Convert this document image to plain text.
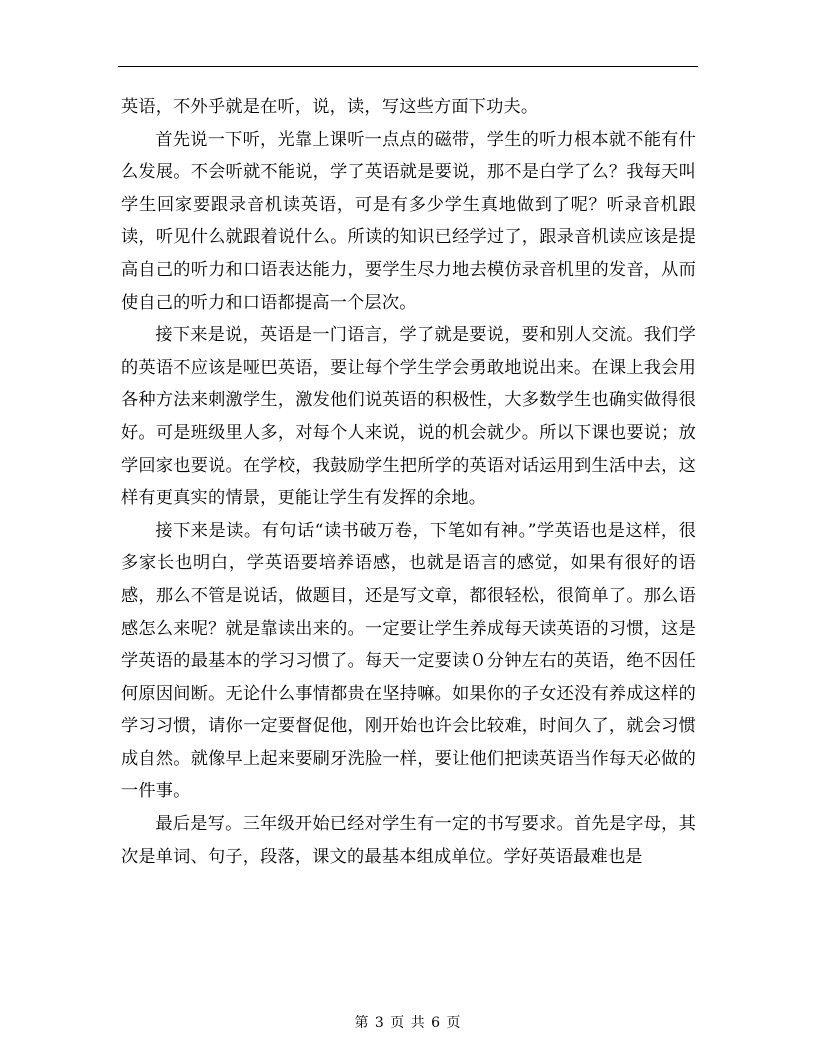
英语，不外乎就是在听，说，读，写这些方面下功夫。

首先说一下听，光靠上课听一点点的磁带，学生的听力根本就不能有什么发展。不会听就不能说，学了英语就是要说，那不是白学了么？我每天叫学生回家要跟录音机读英语，可是有多少学生真地做到了呢？听录音机跟读，听见什么就跟着说什么。所读的知识已经学过了，跟录音机读应该是提高自己的听力和口语表达能力，要学生尽力地去模仿录音机里的发音，从而使自己的听力和口语都提高一个层次。

接下来是说，英语是一门语言，学了就是要说，要和别人交流。我们学的英语不应该是哑巴英语，要让每个学生学会勇敢地说出来。在课上我会用各种方法来刺激学生，激发他们说英语的积极性，大多数学生也确实做得很好。可是班级里人多，对每个人来说，说的机会就少。所以下课也要说；放学回家也要说。在学校，我鼓励学生把所学的英语对话运用到生活中去，这样有更真实的情景，更能让学生有发挥的余地。

接下来是读。有句话“读书破万卷，下笔如有神。”学英语也是这样，很多家长也明白，学英语要培养语感，也就是语言的感觉，如果有很好的语感，那么不管是说话，做题目，还是写文章，都很轻松，很简单了。那么语感怎么来呢？就是靠读出来的。一定要让学生养成每天读英语的习惯，这是学英语的最基本的学习习惯了。每天一定要读０分钟左右的英语，绝不因任何原因间断。无论什么事情都贵在坚持嘛。如果你的子女还没有养成这样的学习习惯，请你一定要督促他，刚开始也许会比较难，时间久了，就会习惯成自然。就像早上起来要刷牙洗脸一样，要让他们把读英语当作每天必做的一件事。

最后是写。三年级开始已经对学生有一定的书写要求。首先是字母，其次是单词、句子，段落，课文的最基本组成单位。学好英语最难也是

第 3 页 共 6 页
